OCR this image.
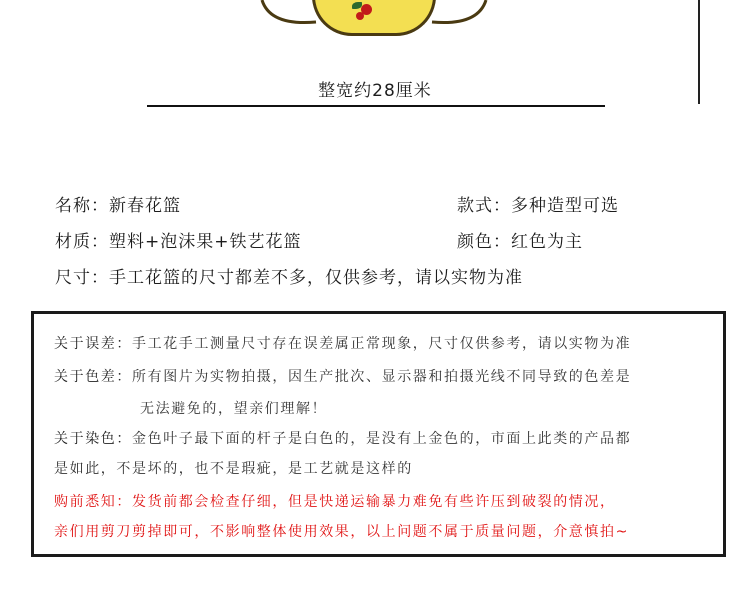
整宽约28厘米
名称：新春花篮	款式：多种造型可选
材质：塑料+泡沫果+铁艺花篮	颜色：红色为主
尺寸：手工花篮的尺寸都差不多，仅供参考，请以实物为准
关于误差：手工花手工测量尺寸存在误差属正常现象，尺寸仅供参考，请以实物为准
关于色差：所有图片为实物拍摄，因生产批次、显示器和拍摄光线不同导致的色差是
无法避免的，望亲们理解！
关于染色：金色叶子最下面的杆子是白色的，是没有上金色的，市面上此类的产品都
是如此，不是坏的，也不是瑕疵，是工艺就是这样的
购前悉知：发货前都会检查仔细，但是快递运输暴力难免有些许压到破裂的情况，
亲们用剪刀剪掉即可，不影响整体使用效果，以上问题不属于质量问题，介意慎拍~
